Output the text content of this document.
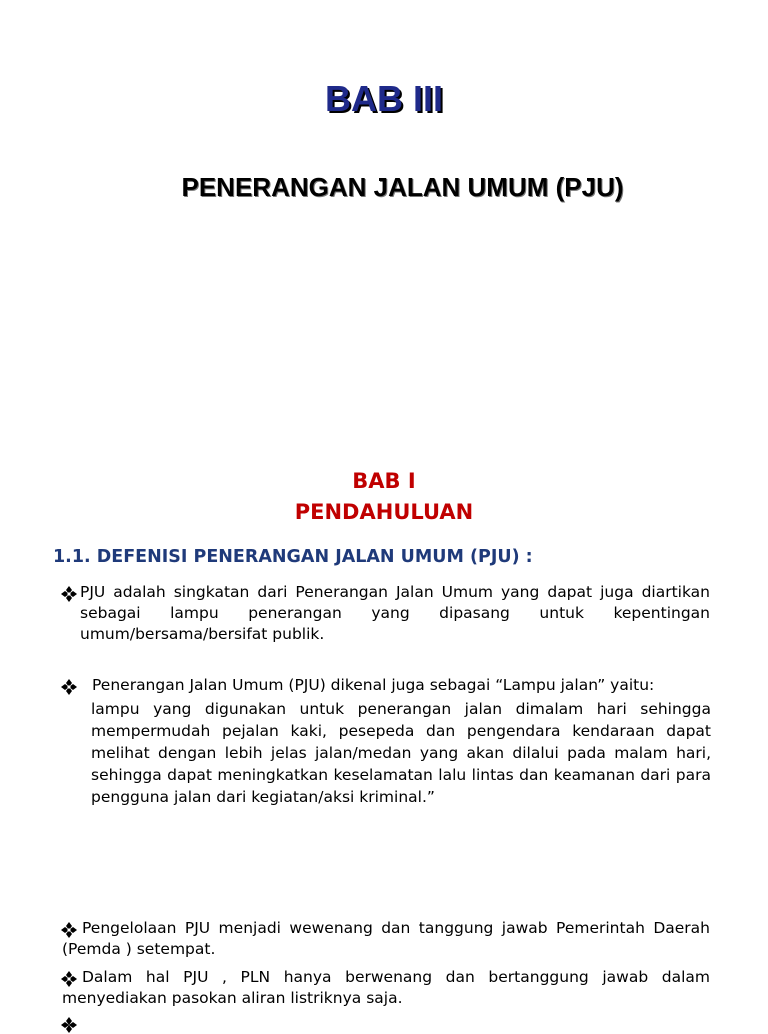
BAB III
PENERANGAN JALAN UMUM (PJU)
BAB I
PENDAHULUAN
1.1. DEFENISI PENERANGAN JALAN UMUM (PJU) :
PJU adalah singkatan dari Penerangan Jalan Umum yang dapat juga diartikan
sebagai lampu penerangan yang dipasang untuk kepentingan
umum/bersama/bersifat publik.
Penerangan Jalan Umum (PJU) dikenal juga sebagai “Lampu jalan” yaitu:
lampu yang digunakan untuk penerangan jalan dimalam hari sehingga
mempermudah pejalan kaki, pesepeda dan pengendara kendaraan dapat
melihat dengan lebih jelas jalan/medan yang akan dilalui pada malam hari,
sehingga dapat meningkatkan keselamatan lalu lintas dan keamanan dari para
pengguna jalan dari kegiatan/aksi kriminal.”
Pengelolaan PJU menjadi wewenang dan tanggung jawab Pemerintah Daerah
(Pemda ) setempat.
Dalam hal PJU , PLN hanya berwenang dan bertanggung jawab dalam
menyediakan pasokan aliran listriknya saja.
